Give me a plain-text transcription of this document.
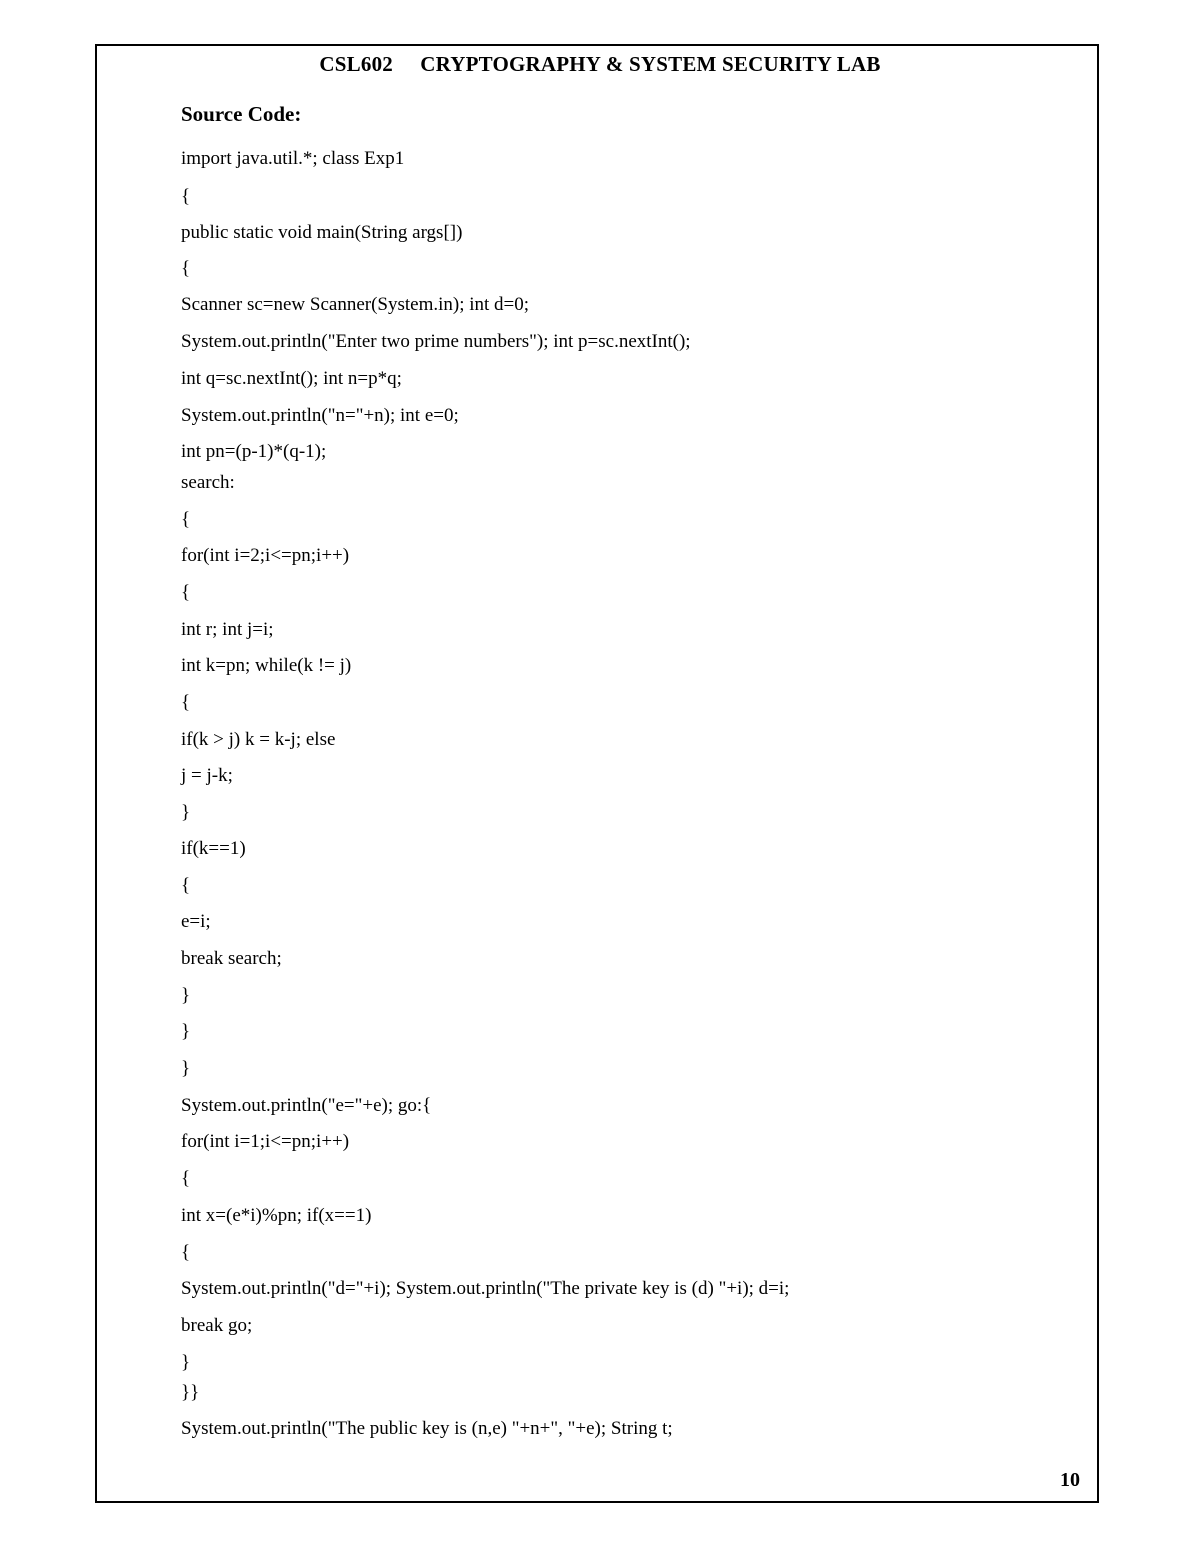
CSL602 CRYPTOGRAPHY & SYSTEM SECURITY LAB
Source Code:
import java.util.*; class Exp1
{
public static void main(String args[])
{
Scanner sc=new Scanner(System.in); int d=0;
System.out.println("Enter two prime numbers"); int p=sc.nextInt();
int q=sc.nextInt(); int n=p*q;
System.out.println("n="+n); int e=0;
int pn=(p-1)*(q-1);
search:
{
for(int i=2;i<=pn;i++)
{
int r; int j=i;
int k=pn; while(k != j)
{
if(k > j) k = k-j; else
j = j-k;
}
if(k==1)
{
e=i;
break search;
}
}
}
System.out.println("e="+e); go:{
for(int i=1;i<=pn;i++)
{
int x=(e*i)%pn; if(x==1)
{
System.out.println("d="+i); System.out.println("The private key is (d) "+i); d=i;
break go;
}
}}
System.out.println("The public key is (n,e) "+n+", "+e); String t;
10
